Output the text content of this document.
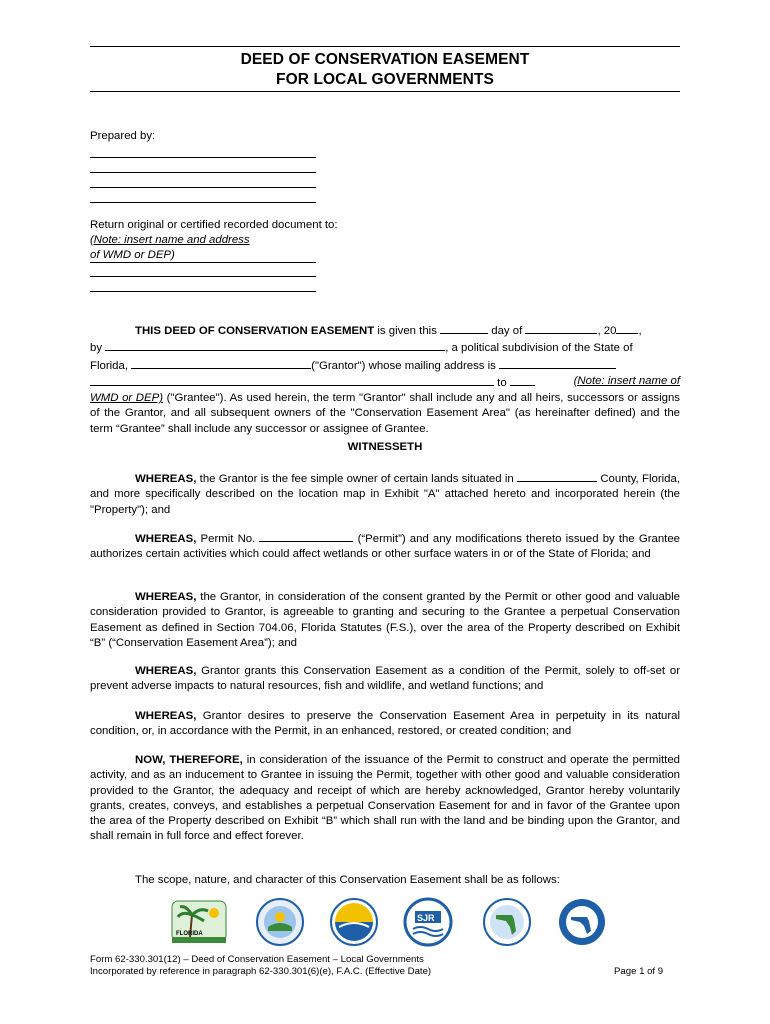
DEED OF CONSERVATION EASEMENT
FOR LOCAL GOVERNMENTS
Prepared by:
Return original or certified recorded document to:
(Note: insert name and address
of WMD or DEP)
THIS DEED OF CONSERVATION EASEMENT is given this	day of	, 20 ,
by	, a political subdivision of the State of
Florida,	("Grantor") whose mailing address is
to	(Note: insert name of

WMD or DEP) ("Grantee"). As used herein, the term "Grantor" shall include any and all heirs, successors or assigns of the Grantor, and all subsequent owners of the "Conservation Easement Area" (as hereinafter defined) and the term “Grantee” shall include any successor or assignee of Grantee.
WITNESSETH
WHEREAS, the Grantor is the fee simple owner of certain lands situated in	County, Florida, and more specifically described on the location map in Exhibit "A" attached hereto and incorporated herein (the "Property"); and
WHEREAS, Permit No.	(“Permit”) and any modifications thereto issued by the Grantee authorizes certain activities which could affect wetlands or other surface waters in or of the State of Florida; and
WHEREAS, the Grantor, in consideration of the consent granted by the Permit or other good and valuable consideration provided to Grantor, is agreeable to granting and securing to the Grantee a perpetual Conservation Easement as defined in Section 704.06, Florida Statutes (F.S.), over the area of the Property described on Exhibit “B” (“Conservation Easement Area”); and
WHEREAS, Grantor grants this Conservation Easement as a condition of the Permit, solely to off-set or prevent adverse impacts to natural resources, fish and wildlife, and wetland functions; and
WHEREAS, Grantor desires to preserve the Conservation Easement Area in perpetuity in its natural condition, or, in accordance with the Permit, in an enhanced, restored, or created condition; and
NOW, THEREFORE, in consideration of the issuance of the Permit to construct and operate the permitted activity, and as an inducement to Grantee in issuing the Permit, together with other good and valuable consideration provided to the Grantor, the adequacy and receipt of which are hereby acknowledged, Grantor hereby voluntarily grants, creates, conveys, and establishes a perpetual Conservation Easement for and in favor of the Grantee upon the area of the Property described on Exhibit “B” which shall run with the land and be binding upon the Grantor, and shall remain in full force and effect forever.
The scope, nature, and character of this Conservation Easement shall be as follows:
FLORIDA
SJR
Form 62-330.301(12) – Deed of Conservation Easement – Local Governments
Incorporated by reference in paragraph 62-330.301(6)(e), F.A.C. (Effective Date)	Page 1 of 9
